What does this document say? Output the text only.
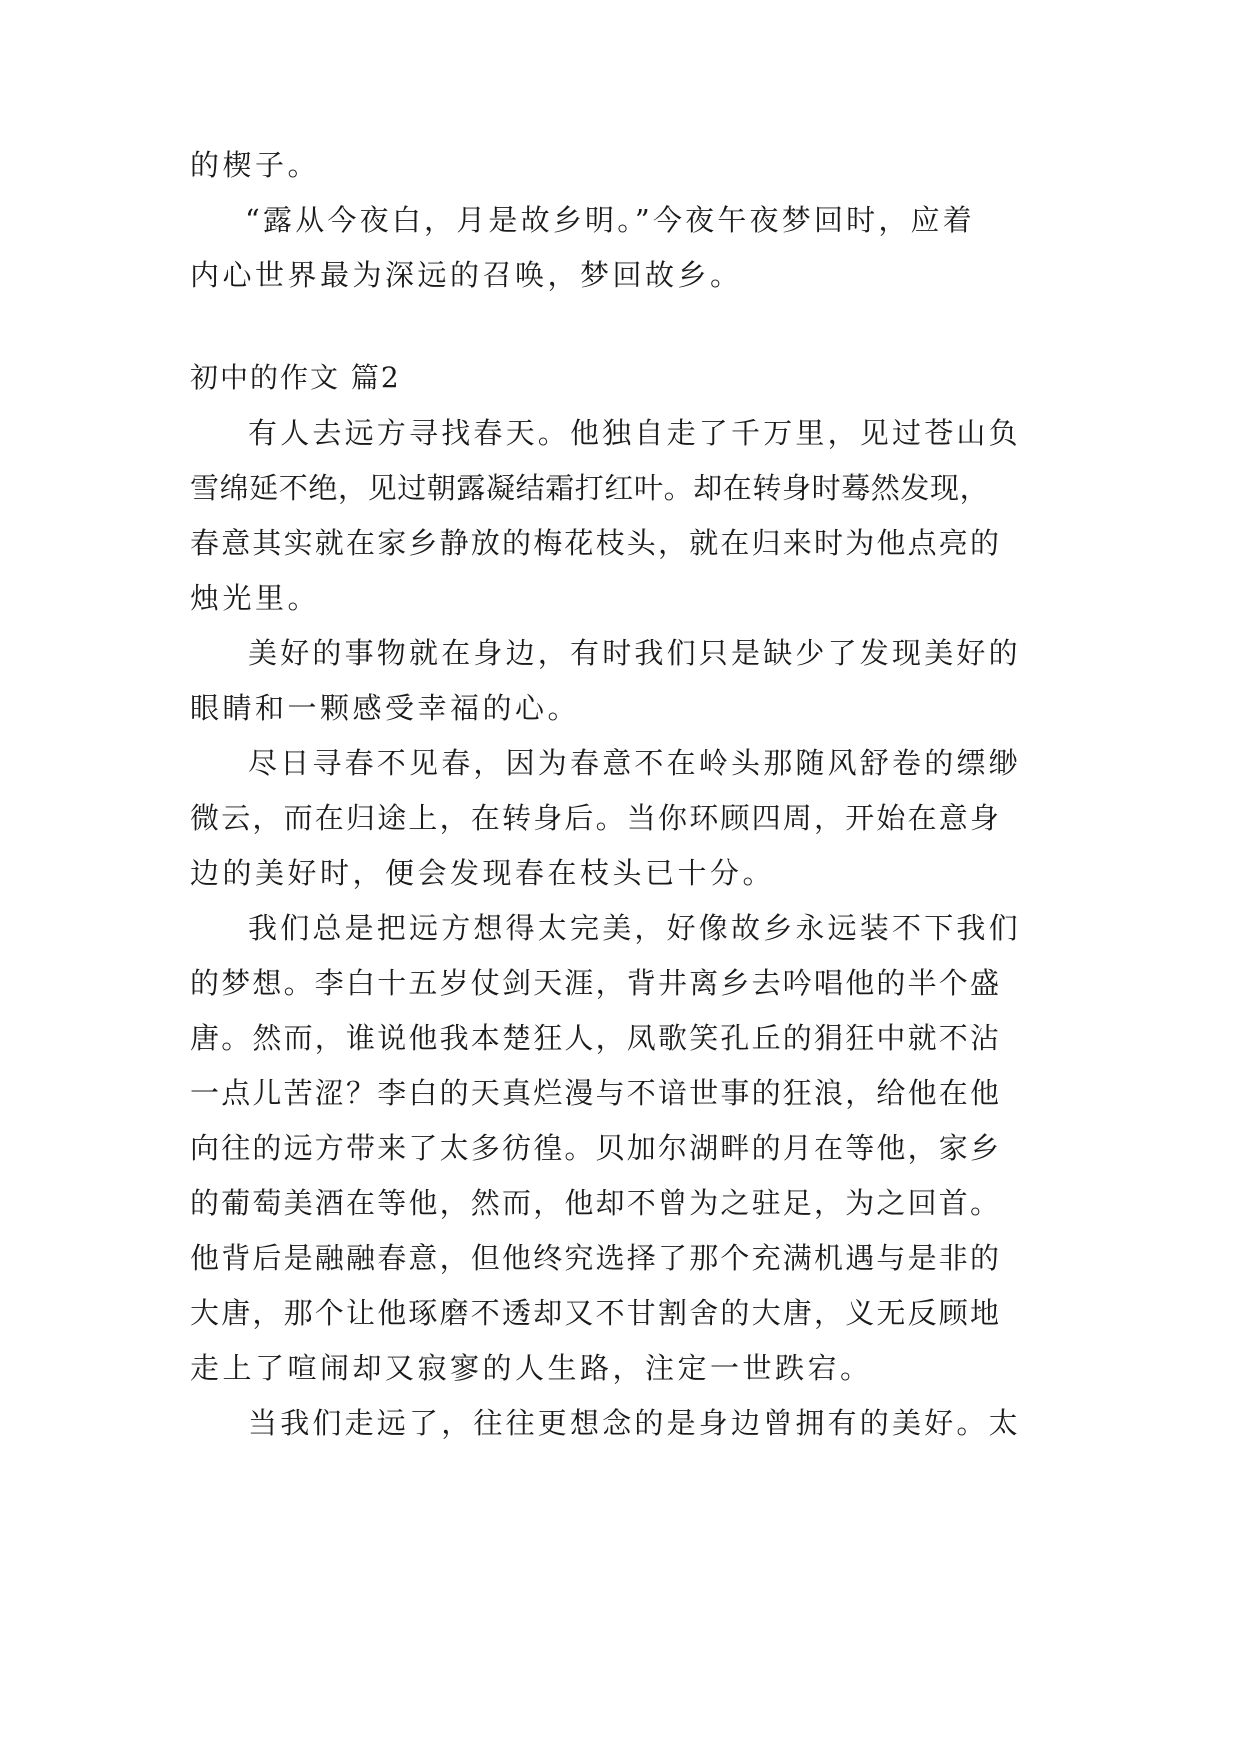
的楔子。
“露从今夜白，月是故乡明。”今夜午夜梦回时，应着
内心世界最为深远的召唤，梦回故乡。
初中的作文 篇2
有人去远方寻找春天。他独自走了千万里，见过苍山负
雪绵延不绝，见过朝露凝结霜打红叶。却在转身时蓦然发现，
春意其实就在家乡静放的梅花枝头，就在归来时为他点亮的
烛光里。
美好的事物就在身边，有时我们只是缺少了发现美好的
眼睛和一颗感受幸福的心。
尽日寻春不见春，因为春意不在岭头那随风舒卷的缥缈
微云，而在归途上，在转身后。当你环顾四周，开始在意身
边的美好时，便会发现春在枝头已十分。
我们总是把远方想得太完美，好像故乡永远装不下我们
的梦想。李白十五岁仗剑天涯，背井离乡去吟唱他的半个盛
唐。然而，谁说他我本楚狂人，凤歌笑孔丘的狷狂中就不沾
一点儿苦涩？李白的天真烂漫与不谙世事的狂浪，给他在他
向往的远方带来了太多彷徨。贝加尔湖畔的月在等他，家乡
的葡萄美酒在等他，然而，他却不曾为之驻足，为之回首。
他背后是融融春意，但他终究选择了那个充满机遇与是非的
大唐，那个让他琢磨不透却又不甘割舍的大唐，义无反顾地
走上了喧闹却又寂寥的人生路，注定一世跌宕。
当我们走远了，往往更想念的是身边曾拥有的美好。太
